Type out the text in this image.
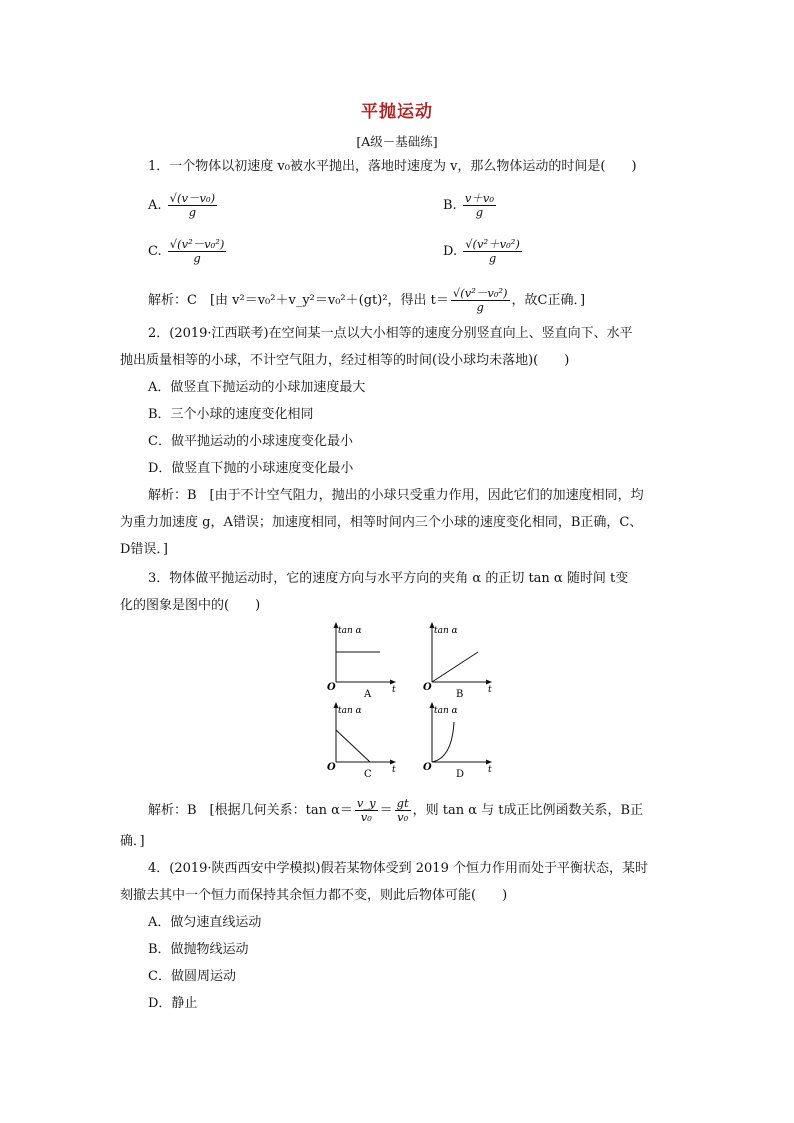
平抛运动
[A级－基础练]
1．一个物体以初速度 v₀被水平抛出，落地时速度为 v，那么物体运动的时间是(　　)
A. $\frac{\text{√(v－v₀)}}{g}$	B. $\frac{\text{v＋v₀}}{g}$
C. $\frac{\text{√(v²－v₀²)}}{g}$	D. $\frac{\text{√(v²＋v₀²)}}{g}$
解析：C　[由 v²＝v₀²＋v_y²＝v₀²＋(gt)²，得出 $t= \frac{\text{√(v²－v₀²)}}{g}$ ，故C正确．]
2．(2019·江西联考)在空间某一点以大小相等的速度分别竖直向上、竖直向下、水平
抛出质量相等的小球，不计空气阻力，经过相等的时间(设小球均未落地)(　　)
A．做竖直下抛运动的小球加速度最大
B．三个小球的速度变化相同
C．做平抛运动的小球速度变化最小
D．做竖直下抛的小球速度变化最小
解析：B　[由于不计空气阻力，抛出的小球只受重力作用，因此它们的加速度相同，均
为重力加速度 g，A错误；加速度相同，相等时间内三个小球的速度变化相同，B正确，C、
D错误．]
3．物体做平抛运动时，它的速度方向与水平方向的夹角 α 的正切 tan α 随时间 t变
化的图象是图中的(　　)
tan α
O	t
A
tan α
O	t
B
tan α
O	t
C
tan α
O	t
D
解析：B　[根据几何关系：$\tan \alpha= \frac{v\_y}{\text{v₀}} = \frac{gt}{\text{v₀}}$ ，则 tan α 与 t成正比例函数关系，B正
确．]
4．(2019·陕西西安中学模拟)假若某物体受到 2019 个恒力作用而处于平衡状态，某时
刻撤去其中一个恒力而保持其余恒力都不变，则此后物体可能(　　)
A．做匀速直线运动
B．做抛物线运动
C．做圆周运动
D．静止
